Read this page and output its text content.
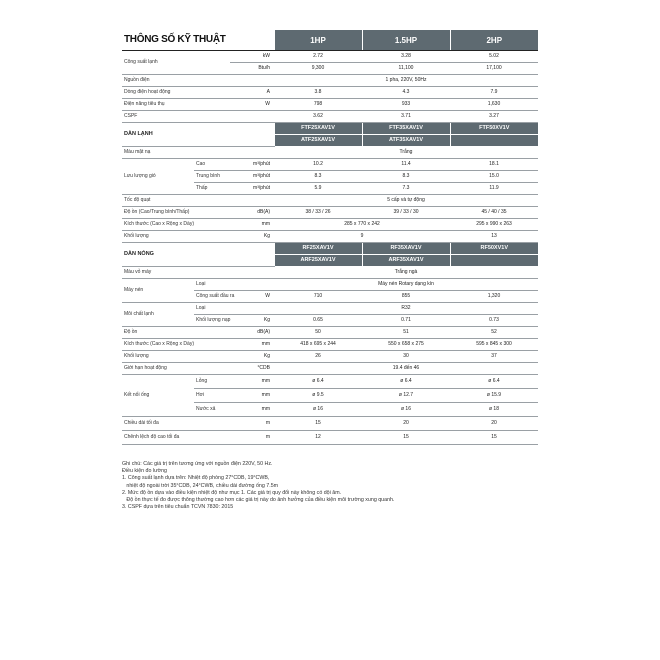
THÔNG SỐ KỸ THUẬT			1HP	1.5HP	2HP
Công suất lạnh		kW	2.72	3.28	5.02
		Btu/h	9,300	11,100	17,100
Nguồn điện			1 pha, 220V, 50Hz		
Dòng điện hoạt động		A	3.8	4.3	7.9
Điện năng tiêu thụ		W	798	933	1,630
CSPF			3.62	3.71	3.27
DÀN LẠNH			FTF25XAV1V	FTF35XAV1V	FTF50XV1V
			ATF25XAV1V	ATF35XAV1V	
Màu mặt nạ			Trắng		
Lưu lượng gió	Cao	m³/phút	10.2	11.4	18.1
	Trung bình	m³/phút	8.3	8.3	15.0
	Thấp	m³/phút	5.9	7.3	11.9
Tốc độ quạt			5 cấp và tự động		
Độ ồn (Cao/Trung bình/Thấp)		dB(A)	38 / 33 / 26	39 / 33 / 30	45 / 40 / 35
Kích thước (Cao x Rộng x Dày)		mm	285 x 770 x 242		295 x 990 x 263
Khối lượng		Kg	9		13
DÀN NÓNG			RF25XAV1V	RF35XAV1V	RF50XV1V
			ARF25XAV1V	ARF35XAV1V	
Màu vỏ máy			Trắng ngà		
Máy nén	Loại		Máy nén Rotary dạng kín		
	Công suất đầu ra	W	710	855	1,320
Môi chất lạnh	Loại		R32		
	Khối lượng nạp	Kg	0.65	0.71	0.73
Độ ồn		dB(A)	50	51	52
Kích thước (Cao x Rộng x Dày)		mm	418 x 695 x 244	550 x 658 x 275	595 x 845 x 300
Khối lượng		Kg	26	30	37
Giới hạn hoạt động		°CDB	19.4 đến 46		
Kết nối ống	Lỏng	mm	ø 6.4	ø 6.4	ø 6.4
	Hơi	mm	ø 9.5	ø 12.7	ø 15.9
	Nước xả	mm	ø 16	ø 16	ø 18
Chiều dài tối đa		m	15	20	20
Chênh lệch độ cao tối đa		m	12	15	15
Ghi chú: Các giá trị trên tương ứng với nguồn điện 220V, 50 Hz.
Điều kiện đo lường
1. Công suất lạnh dựa trên: Nhiệt độ phòng 27°CDB, 19°CWB,
nhiệt độ ngoài trời 35°CDB, 24°CWB, chiều dài đường ống 7.5m
2. Mức độ ồn dựa vào điều kiện nhiệt độ như mục 1. Các giá trị quy đổi này không có dội âm.
Độ ồn thực tế đo được thông thường cao hơn các giá trị này do ảnh hưởng của điều kiện môi trường xung quanh.
3. CSPF dựa trên tiêu chuẩn TCVN 7830: 2015
